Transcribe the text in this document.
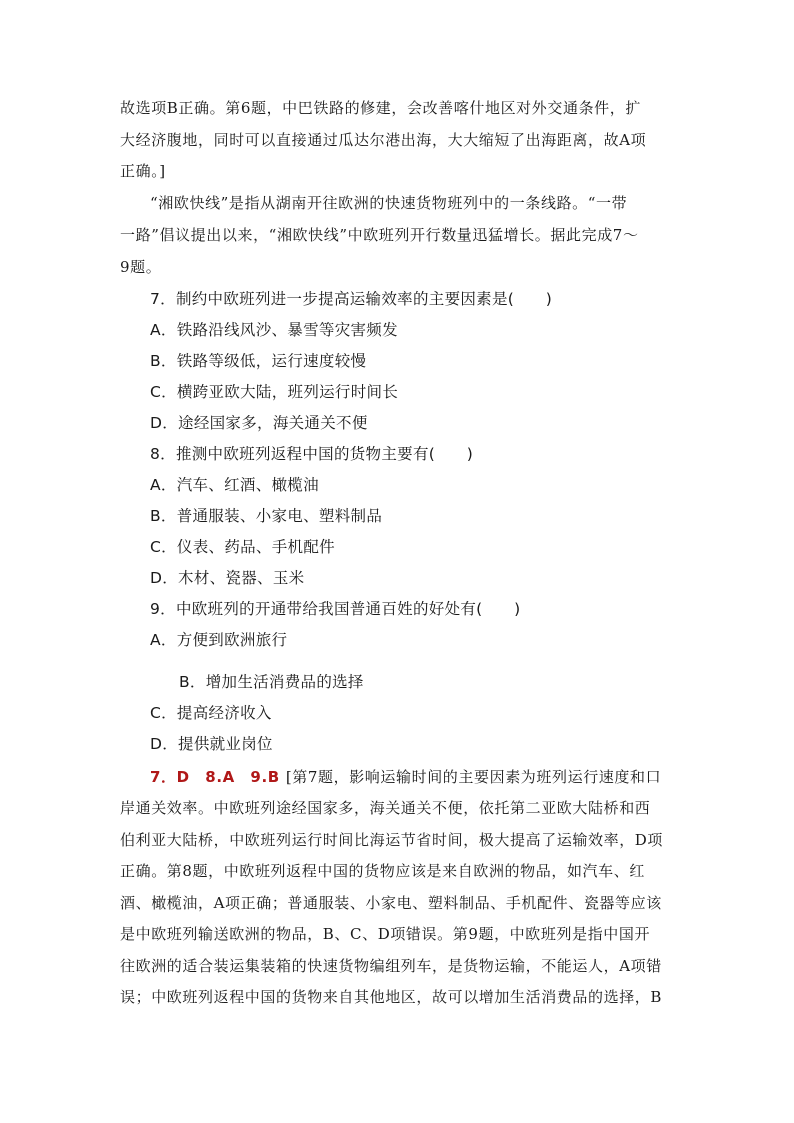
故选项B正确。第6题，中巴铁路的修建，会改善喀什地区对外交通条件，扩
大经济腹地，同时可以直接通过瓜达尔港出海，大大缩短了出海距离，故A项
正确。]
“湘欧快线”是指从湖南开往欧洲的快速货物班列中的一条线路。“一带
一路”倡议提出以来，“湘欧快线”中欧班列开行数量迅猛增长。据此完成7～
9题。
7．制约中欧班列进一步提高运输效率的主要因素是(　　)
A．铁路沿线风沙、暴雪等灾害频发
B．铁路等级低，运行速度较慢
C．横跨亚欧大陆，班列运行时间长
D．途经国家多，海关通关不便
8．推测中欧班列返程中国的货物主要有(　　)
A．汽车、红酒、橄榄油
B．普通服装、小家电、塑料制品
C．仪表、药品、手机配件
D．木材、瓷器、玉米
9．中欧班列的开通带给我国普通百姓的好处有(　　)
A．方便到欧洲旅行
B．增加生活消费品的选择
C．提高经济收入
D．提供就业岗位
7．D　8.A　9.B [第7题，影响运输时间的主要因素为班列运行速度和口
岸通关效率。中欧班列途经国家多，海关通关不便，依托第二亚欧大陆桥和西
伯利亚大陆桥，中欧班列运行时间比海运节省时间，极大提高了运输效率，D项
正确。第8题，中欧班列返程中国的货物应该是来自欧洲的物品，如汽车、红
酒、橄榄油，A项正确；普通服装、小家电、塑料制品、手机配件、瓷器等应该
是中欧班列输送欧洲的物品，B、C、D项错误。第9题，中欧班列是指中国开
往欧洲的适合装运集装箱的快速货物编组列车，是货物运输，不能运人，A项错
误；中欧班列返程中国的货物来自其他地区，故可以增加生活消费品的选择，B
